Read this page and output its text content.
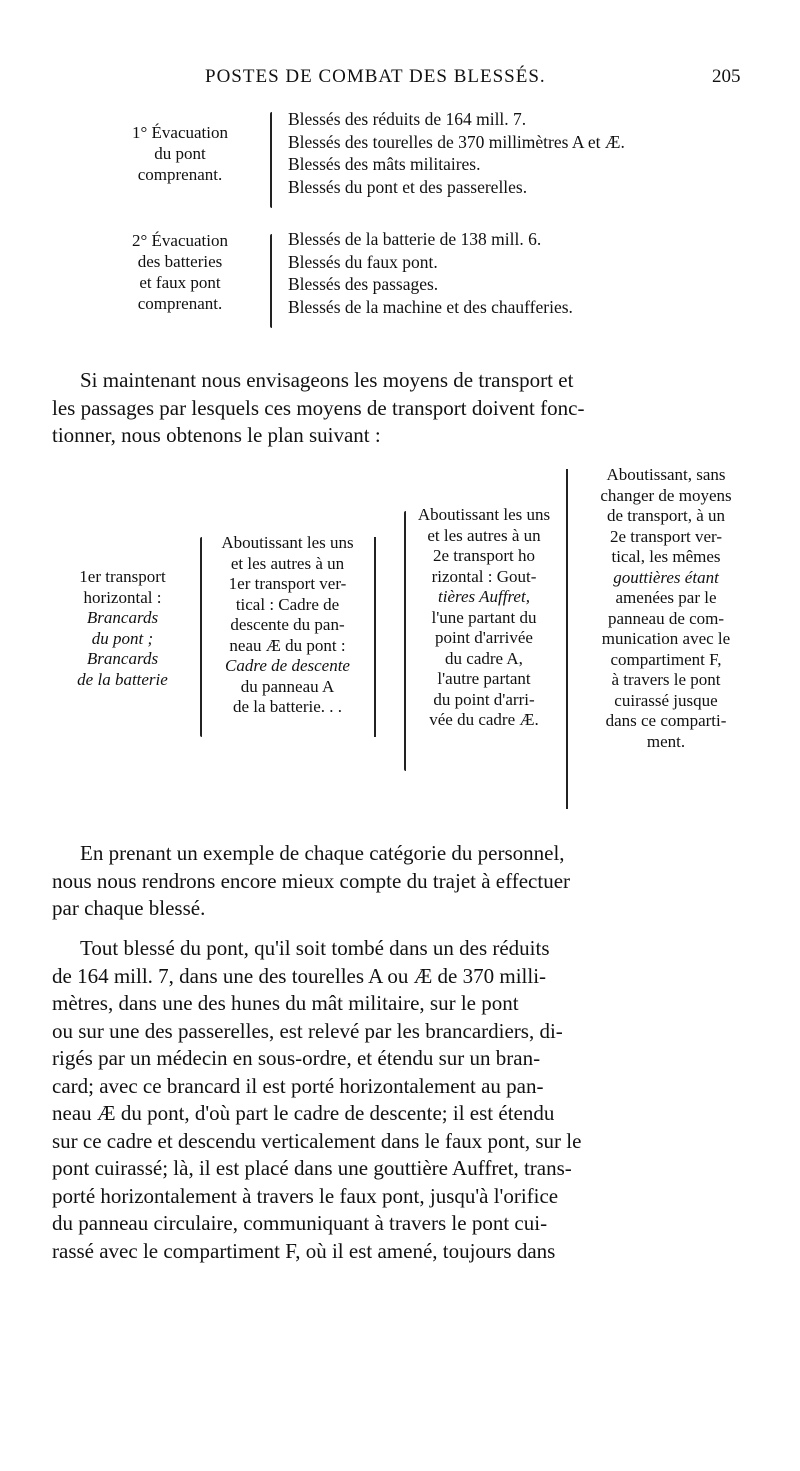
POSTES DE COMBAT DES BLESSÉS.	205
1° Évacuation
du pont
comprenant.
Blessés des réduits de 164 mill. 7.
Blessés des tourelles de 370 millimètres A et Æ.
Blessés des mâts militaires.
Blessés du pont et des passerelles.
2° Évacuation
des batteries
et faux pont
comprenant.
Blessés de la batterie de 138 mill. 6.
Blessés du faux pont.
Blessés des passages.
Blessés de la machine et des chaufferies.
Si maintenant nous envisageons les moyens de transport et
les passages par lesquels ces moyens de transport doivent fonc-
tionner, nous obtenons le plan suivant :
1er transport
horizontal :
Brancards
du pont ;
Brancards
de la batterie
Aboutissant les uns
et les autres à un
1er transport ver-
tical : Cadre de
descente du pan-
neau Æ du pont :
Cadre de descente
du panneau A
de la batterie. . .
Aboutissant les uns
et les autres à un
2e transport ho
rizontal : Gout-
tières Auffret,
l'une partant du
point d'arrivée
du cadre A,
l'autre partant
du point d'arri-
vée du cadre Æ.
Aboutissant, sans
changer de moyens
de transport, à un
2e transport ver-
tical, les mêmes
gouttières étant
amenées par le
panneau de com-
munication avec le
compartiment F,
à travers le pont
cuirassé jusque
dans ce comparti-
ment.
En prenant un exemple de chaque catégorie du personnel,
nous nous rendrons encore mieux compte du trajet à effectuer
par chaque blessé.
Tout blessé du pont, qu'il soit tombé dans un des réduits
de 164 mill. 7, dans une des tourelles A ou Æ de 370 milli-
mètres, dans une des hunes du mât militaire, sur le pont
ou sur une des passerelles, est relevé par les brancardiers, di-
rigés par un médecin en sous-ordre, et étendu sur un bran-
card; avec ce brancard il est porté horizontalement au pan-
neau Æ du pont, d'où part le cadre de descente; il est étendu
sur ce cadre et descendu verticalement dans le faux pont, sur le
pont cuirassé; là, il est placé dans une gouttière Auffret, trans-
porté horizontalement à travers le faux pont, jusqu'à l'orifice
du panneau circulaire, communiquant à travers le pont cui-
rassé avec le compartiment F, où il est amené, toujours dans
